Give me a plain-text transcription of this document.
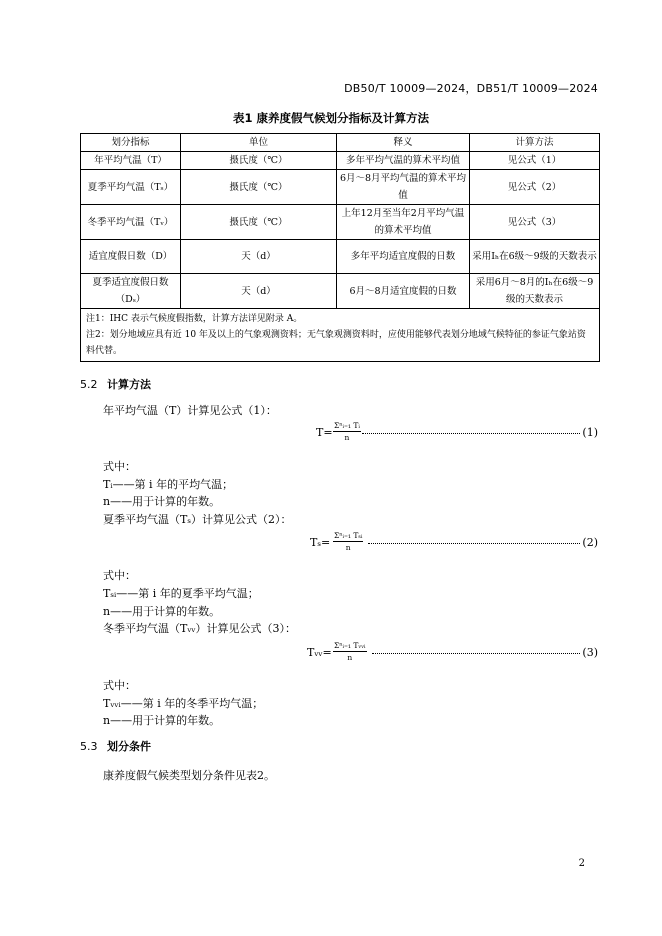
DB50/T 10009—2024，DB51/T 10009—2024
表1 康养度假气候划分指标及计算方法
划分指标	单位	释义	计算方法
年平均气温（T）	摄氏度（℃）	多年平均气温的算术平均值	见公式（1）
夏季平均气温（Tₛ）	摄氏度（℃）	6月～8月平均气温的算术平均值	见公式（2）
冬季平均气温（Tᵥ）	摄氏度（℃）	上年12月至当年2月平均气温的算术平均值	见公式（3）
适宜度假日数（D）	天（d）	多年平均适宜度假的日数	采用Iₕ在6级～9级的天数表示
夏季适宜度假日数（Dₛ）	天（d）	6月～8月适宜度假的日数	采用6月～8月的Iₕ在6级～9级的天数表示

注1：IHC 表示气候度假指数，计算方法详见附录 A。
注2：划分地域应具有近 10 年及以上的气象观测资料；无气象观测资料时，应使用能够代表划分地域气候特征的参证气象站资料代替。			
5.2 计算方法
年平均气温（T）计算见公式（1）：
T=
Σⁿᵢ₌₁ Tᵢ
n	(1)
式中：
Tᵢ——第 i 年的平均气温；
n——用于计算的年数。
夏季平均气温（Tₛ）计算见公式（2）：
Tₛ=
Σⁿᵢ₌₁ Tₛᵢ
n	(2)
式中：
Tₛᵢ——第 i 年的夏季平均气温；
n——用于计算的年数。
冬季平均气温（Tᵥᵥ）计算见公式（3）：
Tᵥᵥ=
Σⁿᵢ₌₁ Tᵥᵥᵢ
n	(3)
式中：
Tᵥᵥᵢ——第 i 年的冬季平均气温；
n——用于计算的年数。
5.3 划分条件
康养度假气候类型划分条件见表2。
2
